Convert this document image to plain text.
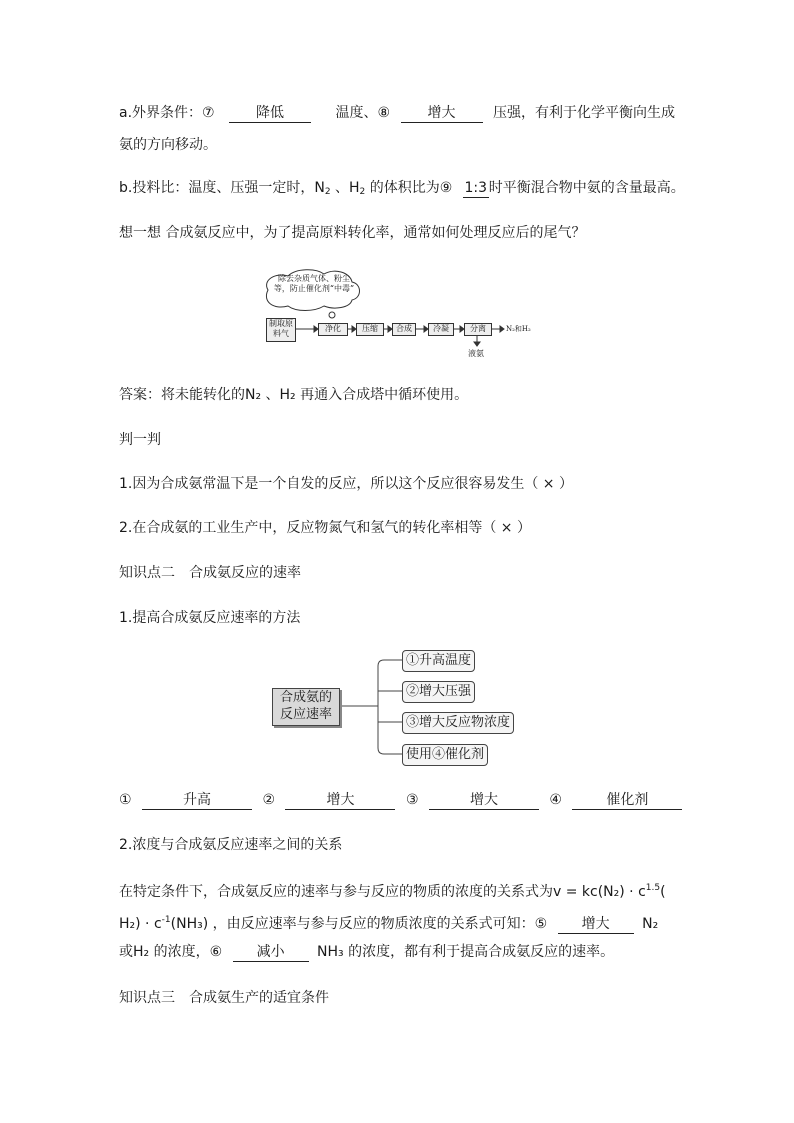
a.外界条件：⑦	降低	温度、⑧	增大	压强，有利于化学平衡向生成
氨的方向移动。
b.投料比：温度、压强一定时，$N_2$ 、$H_2$ 的体积比为⑨ 1:3 时平衡混合物中氨的含量最高。
想一想 合成氨反应中，为了提高原料转化率，通常如何处理反应后的尾气？
除去杂质气体、粉尘等，防止催化剂“中毒”
制取原料气
净化	压缩	合成	冷凝	分离	N₂和H₂
液氨
答案：将未能转化的N₂ 、H₂ 再通入合成塔中循环使用。
判一判
1.因为合成氨常温下是一个自发的反应，所以这个反应很容易发生（ × ）
2.在合成氨的工业生产中，反应物氮气和氢气的转化率相等（ × ）
知识点二　合成氨反应的速率
1.提高合成氨反应速率的方法
合成氨的
反应速率
①升高温度
②增大压强
③增大反应物浓度
使用④催化剂
①	升高	②	增大	③	增大	④	催化剂
2.浓度与合成氨反应速率之间的关系
在特定条件下，合成氨反应的速率与参与反应的物质的浓度的关系式为$v = kc(N_2) \cdot c^{1.5}$(
$H_2) \cdot c^{-1}(NH_3)$ ，由反应速率与参与反应的物质浓度的关系式可知：⑤ 增大 N₂
或H₂ 的浓度，⑥ 减小 NH₃ 的浓度，都有利于提高合成氨反应的速率。
知识点三　合成氨生产的适宜条件
